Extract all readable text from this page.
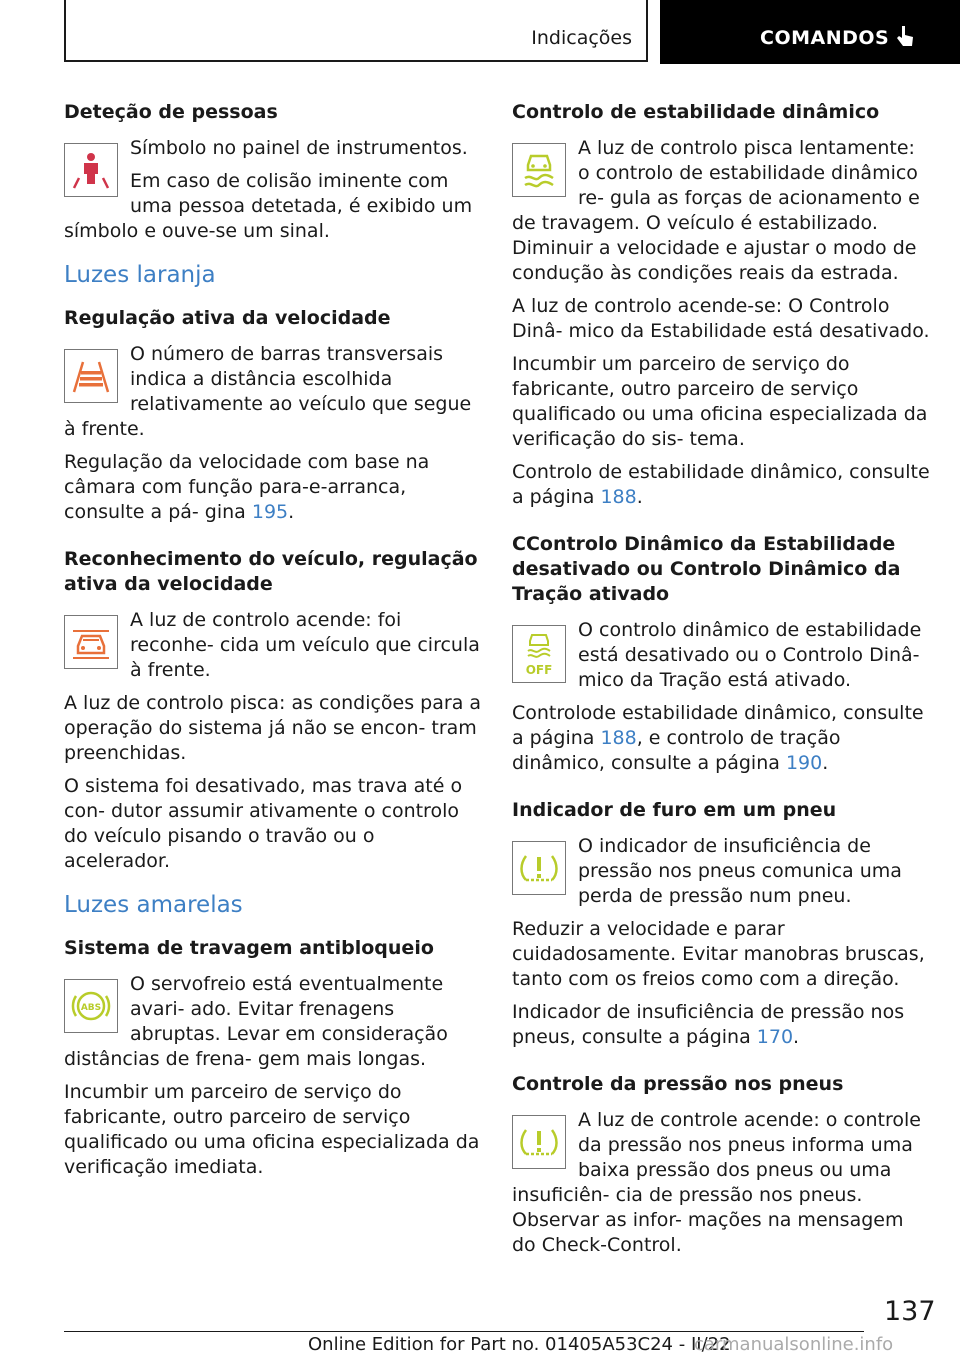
Indicações	COMANDOS
Deteção de pessoas

Símbolo no painel de instrumentos.

Em caso de colisão iminente com uma pessoa detetada, é exibido um símbolo e ouve-se um sinal.

Luzes laranja
Regulação ativa da velocidade

O número de barras transversais indica a distância escolhida relativamente ao veículo que segue à frente.

Regulação da velocidade com base na câmara com função para-e-arranca, consulte a pá- gina 195.

Reconhecimento do veículo, regulação ativa da velocidade

A luz de controlo acende: foi reconhe- cida um veículo que circula à frente.

A luz de controlo pisca: as condições para a operação do sistema já não se encon- tram preenchidas.

O sistema foi desativado, mas trava até o con- dutor assumir ativamente o controlo do veículo pisando o travão ou o acelerador.

Luzes amarelas
Sistema de travagem antibloqueio
ABS

O servofreio está eventualmente avari- ado. Evitar frenagens abruptas. Levar em consideração distâncias de frena- gem mais longas.

Incumbir um parceiro de serviço do fabricante, outro parceiro de serviço qualificado ou uma oficina especializada da verificação imediata.

Controlo de estabilidade dinâmico

A luz de controlo pisca lentamente: o controlo de estabilidade dinâmico re- gula as forças de acionamento e de travagem. O veículo é estabilizado. Diminuir a velocidade e ajustar o modo de condução às condições reais da estrada.

A luz de controlo acende-se: O Controlo Dinâ- mico da Estabilidade está desativado.

Incumbir um parceiro de serviço do fabricante, outro parceiro de serviço qualificado ou uma oficina especializada da verificação do sis- tema.

Controlo de estabilidade dinâmico, consulte a página 188.

CControlo Dinâmico da Estabilidade desativado ou Controlo Dinâmico da Tração ativado
OFF

O controlo dinâmico de estabilidade está desativado ou o Controlo Dinâ- mico da Tração está ativado.

Controlode estabilidade dinâmico, consulte a página 188, e controlo de tração dinâmico, consulte a página 190.

Indicador de furo em um pneu

O indicador de insuficiência de pressão nos pneus comunica uma perda de pressão num pneu.

Reduzir a velocidade e parar cuidadosamente. Evitar manobras bruscas, tanto com os freios como com a direção.

Indicador de insuficiência de pressão nos pneus, consulte a página 170.

Controle da pressão nos pneus

A luz de controle acende: o controle da pressão nos pneus informa uma baixa pressão dos pneus ou uma insuficiên- cia de pressão nos pneus. Observar as infor- mações na mensagem do Check-Control.

137
Online Edition for Part no. 01405A53C24 - II/22
carmanualsonline.info
